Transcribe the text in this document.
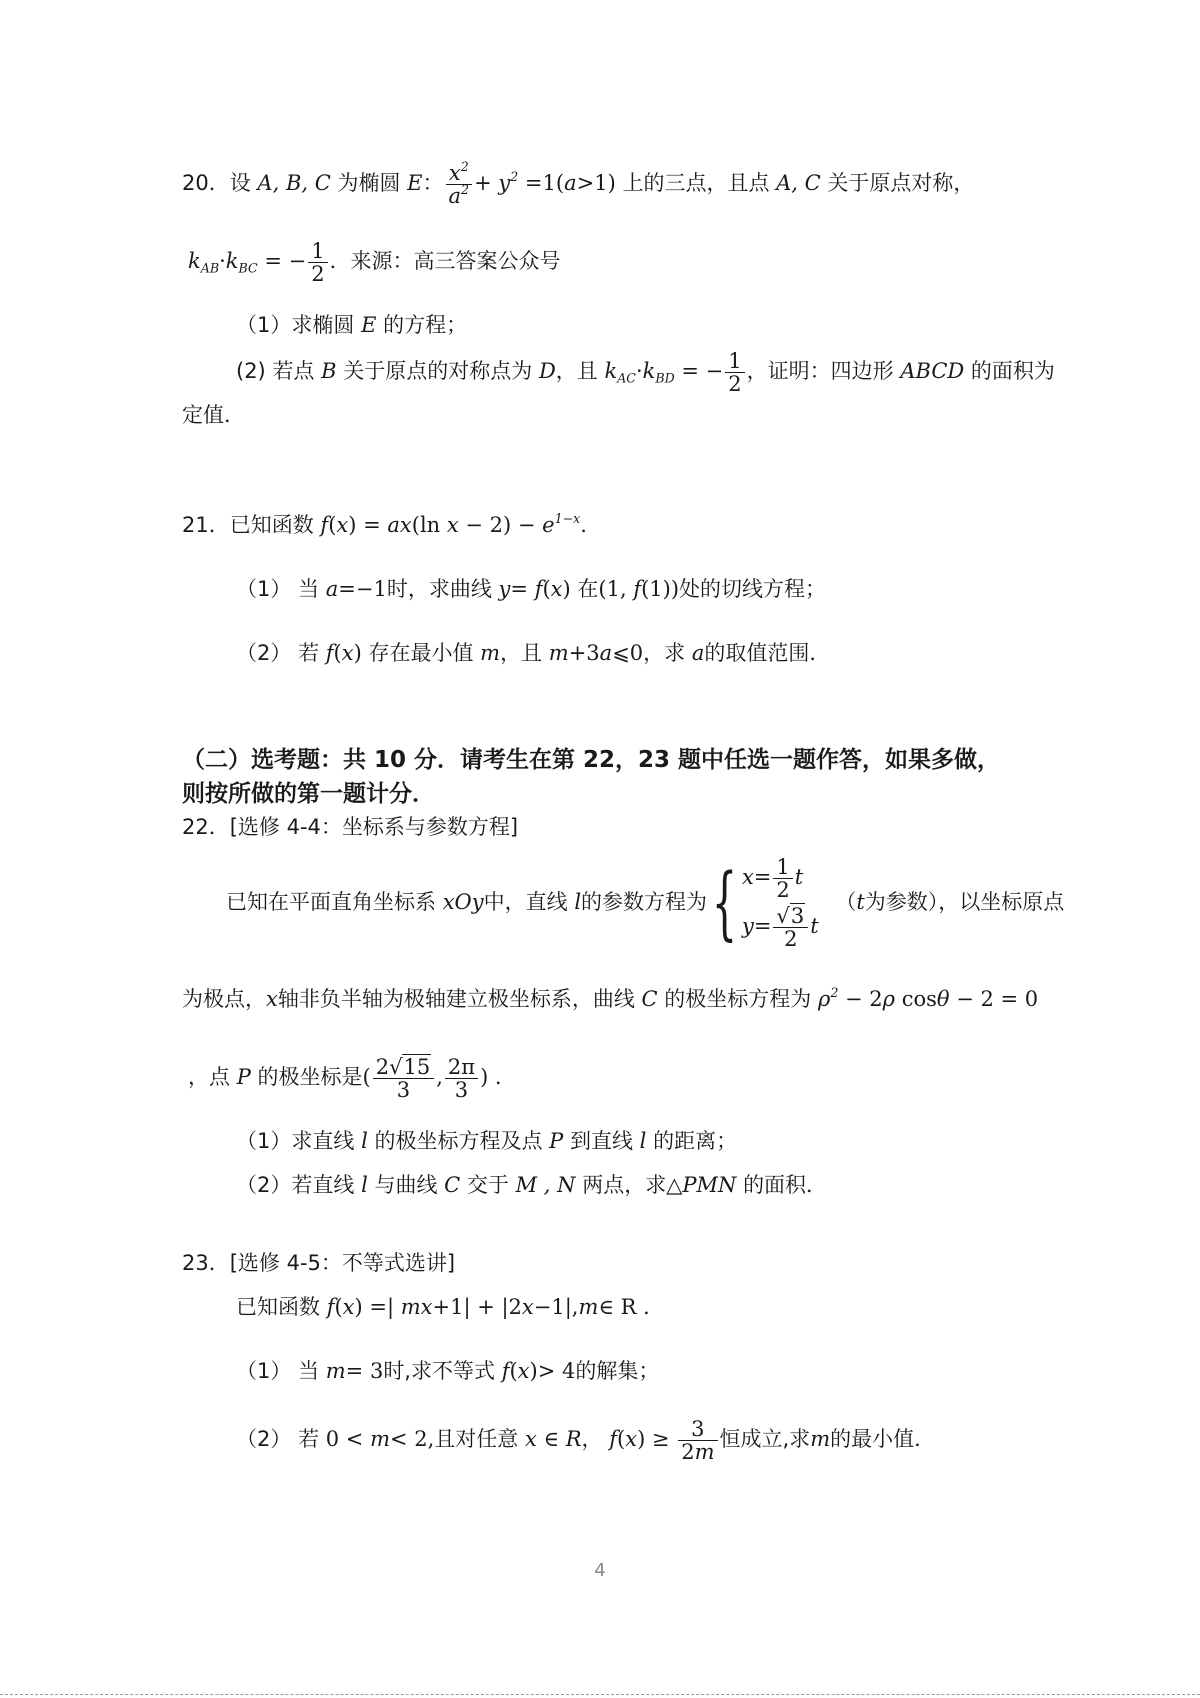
20．设 A, B, C 为椭圆 E： $\frac{x^2}{a^2} + y^2 =1(a>1)$ 上的三点，且点 A, C 关于原点对称，
$k_{AB}\cdot k_{BC}$ = − $\frac{1}{2}$ ．来源：高三答案公众号
（1）求椭圆 E 的方程；
(2) 若点 B 关于原点的对称点为 D，且 $k_{AC}\cdot k_{BD}$ = − $\frac{1}{2}$ ，证明：四边形 ABCD 的面积为
定值．
21．已知函数 f(x) = ax(ln $x - 2) - e^{1-x}$.
（1） 当 a=−1时，求曲线 y= f(x) 在(1, f(1))处的切线方程；
（2） 若 f(x) 存在最小值 m，且 m+3a⩽0，求 a的取值范围．
（二）选考题：共 10 分．请考生在第 22，23 题中任选一题作答，如果多做，
则按所做的第一题计分．
22．[选修 4-4：坐标系与参数方程]
已知在平面直角坐标系 xOy中，直线 l的参数方程为{ $x= \frac{1}{2}$ t
$y= \frac{√3}{2}$ t
（t为参数），以坐标原点
为极点，x轴非负半轴为极轴建立极坐标系，曲线 C 的极坐标方程为 $\rho^2 - 2\rho$ cosθ − 2 = 0
，点 P 的极坐标是( $\frac{2√15}{3}$ , $\frac{2\pi}{3}$ ) ．
（1）求直线 l 的极坐标方程及点 P 到直线 l 的距离；
（2）若直线 l 与曲线 C 交于 M , N 两点，求△PMN 的面积．
23．[选修 4-5：不等式选讲]
已知函数 f(x) =| mx+1| + |2x−1|,m∈ R ．
（1） 当 m= 3时,求不等式 f(x)> 4的解集；
（2） 若 0 < m< 2,且对任意 x ∈ R， $f(x) \ge \frac{3}{2m}$ 恒成立,求m的最小值．
4
